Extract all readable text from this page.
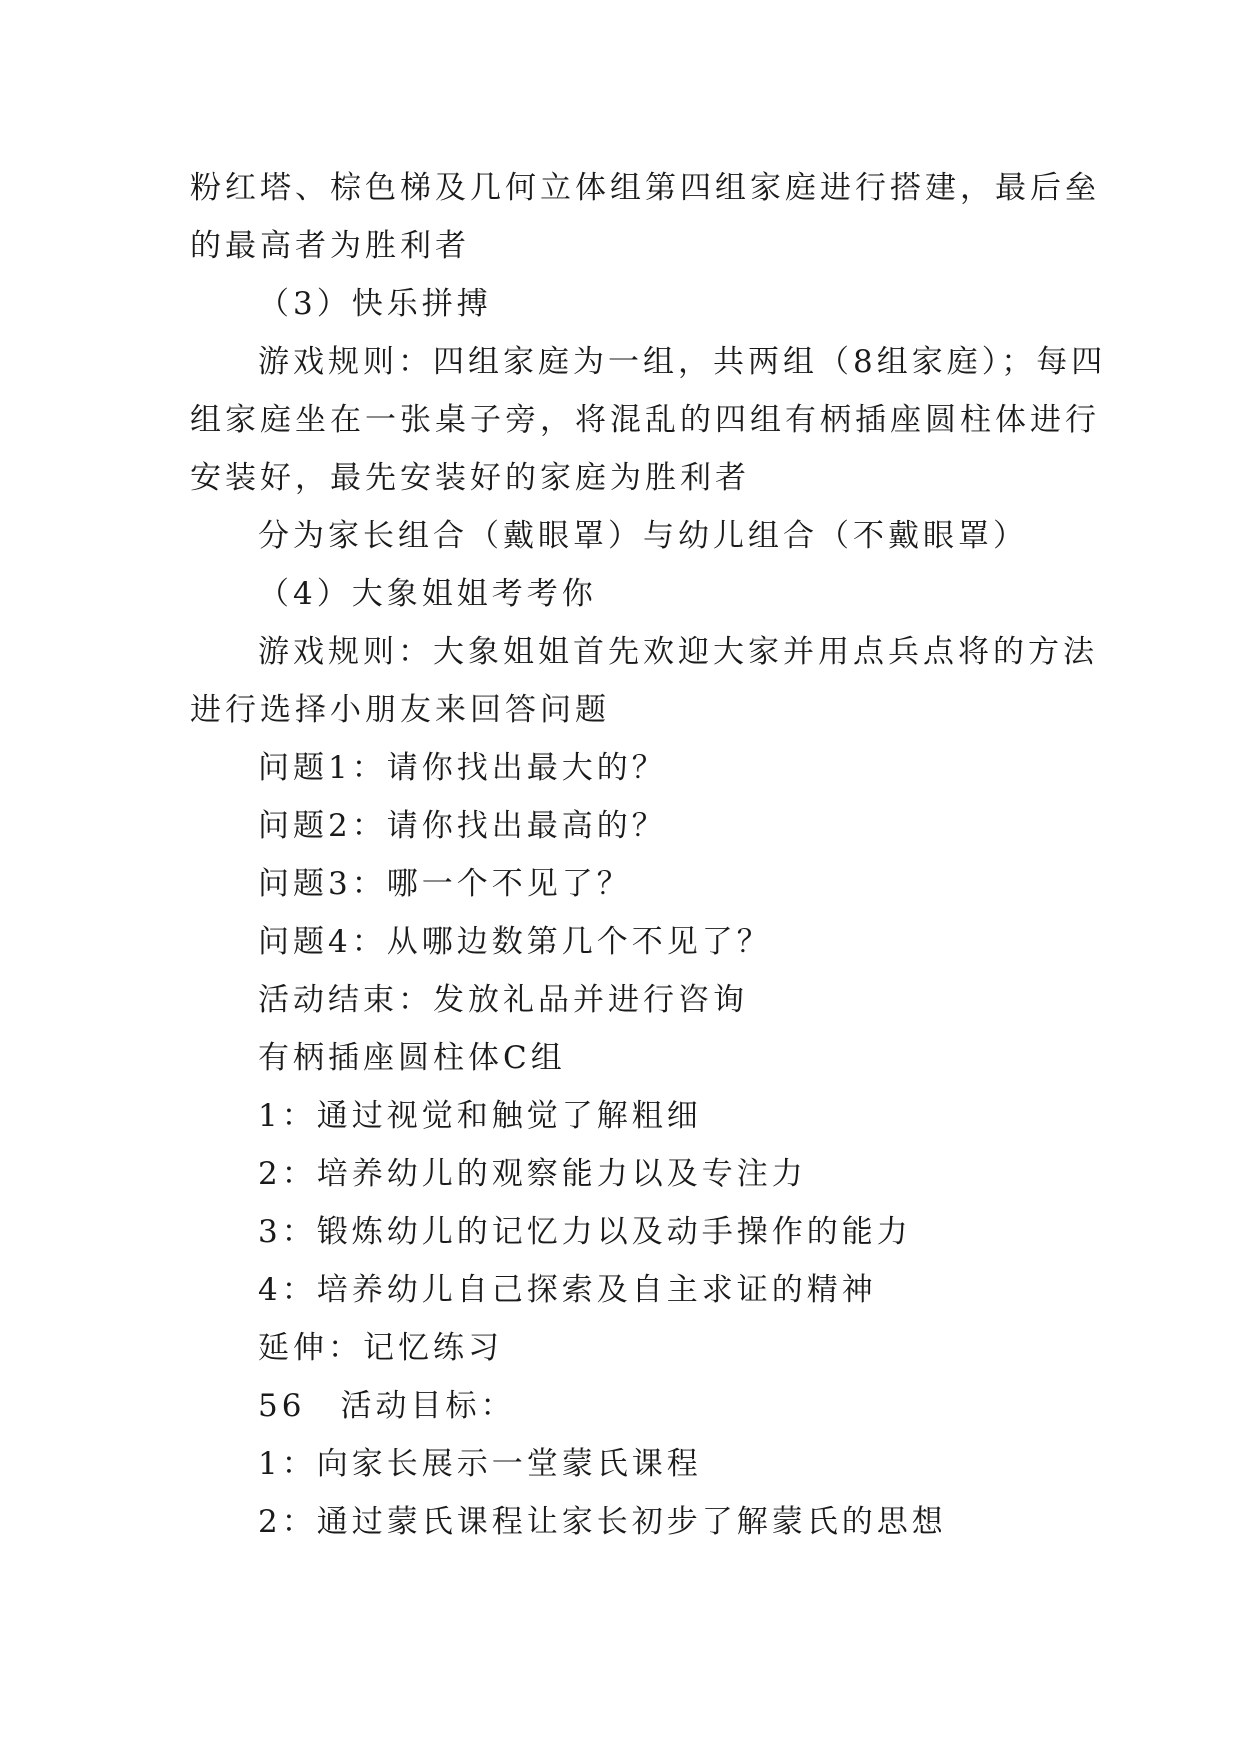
粉红塔、棕色梯及几何立体组第四组家庭进行搭建，最后垒
的最高者为胜利者
（3）快乐拼搏
游戏规则：四组家庭为一组，共两组（8组家庭）；每四
组家庭坐在一张桌子旁，将混乱的四组有柄插座圆柱体进行
安装好，最先安装好的家庭为胜利者
分为家长组合（戴眼罩）与幼儿组合（不戴眼罩）
（4）大象姐姐考考你
游戏规则：大象姐姐首先欢迎大家并用点兵点将的方法
进行选择小朋友来回答问题
问题1：请你找出最大的？
问题2：请你找出最高的？
问题3：哪一个不见了？
问题4：从哪边数第几个不见了？
活动结束：发放礼品并进行咨询
有柄插座圆柱体C组
1：通过视觉和触觉了解粗细
2：培养幼儿的观察能力以及专注力
3：锻炼幼儿的记忆力以及动手操作的能力
4：培养幼儿自己探索及自主求证的精神
延伸：记忆练习
56　活动目标：
1：向家长展示一堂蒙氏课程
2：通过蒙氏课程让家长初步了解蒙氏的思想
